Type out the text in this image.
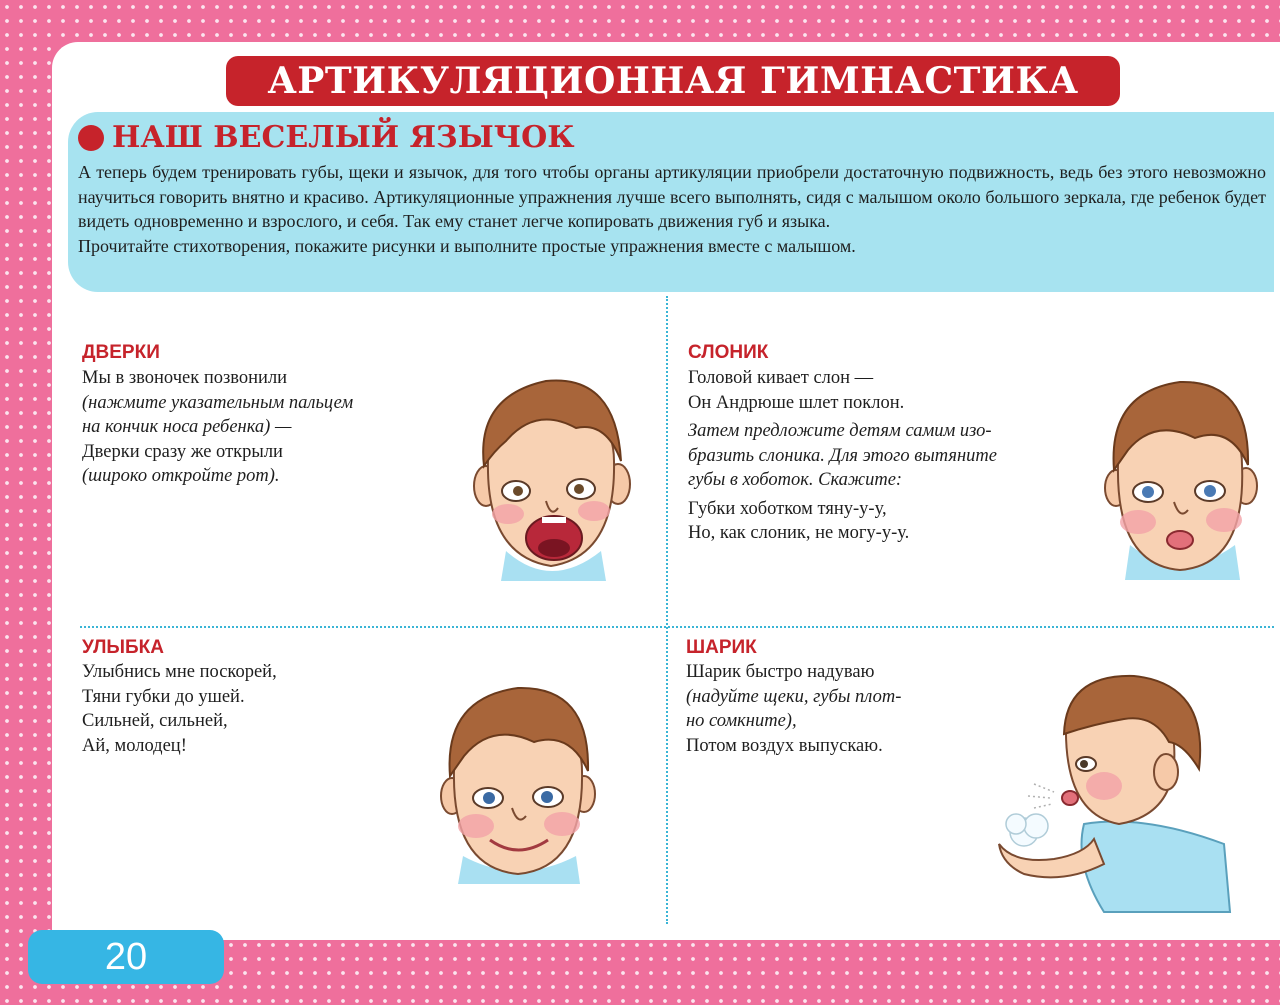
АРТИКУЛЯЦИОННАЯ ГИМНАСТИКА
НАШ ВЕСЕЛЫЙ ЯЗЫЧОК

А теперь будем тренировать губы, щеки и язычок, для того чтобы органы артикуляции приобрели достаточную подвижность, ведь без этого невозможно научиться говорить внятно и красиво. Артикуляционные упражнения лучше всего выполнять, сидя с малышом около большого зеркала, где ребенок будет видеть одновременно и взрослого, и себя. Так ему станет легче копировать движения губ и языка.

Прочитайте стихотворения, покажите рисунки и выполните простые упражнения вместе с малышом.

ДВЕРКИ
Мы в звоночек позвонили
(нажмите указательным пальцем
на кончик носа ребенка) —
Дверки сразу же открыли
(широко откройте рот).
СЛОНИК
Головой кивает слон —
Он Андрюше шлет поклон.
Затем предложите детям самим изо-
бразить слоника. Для этого вытяните
губы в хоботок. Скажите:
Губки хоботком тяну-у-у,
Но, как слоник, не могу-у-у.
УЛЫБКА
Улыбнись мне поскорей,
Тяни губки до ушей.
Сильней, сильней,
Ай, молодец!
ШАРИК
Шарик быстро надуваю
(надуйте щеки, губы плот-
но сомкните),
Потом воздух выпускаю.
20
